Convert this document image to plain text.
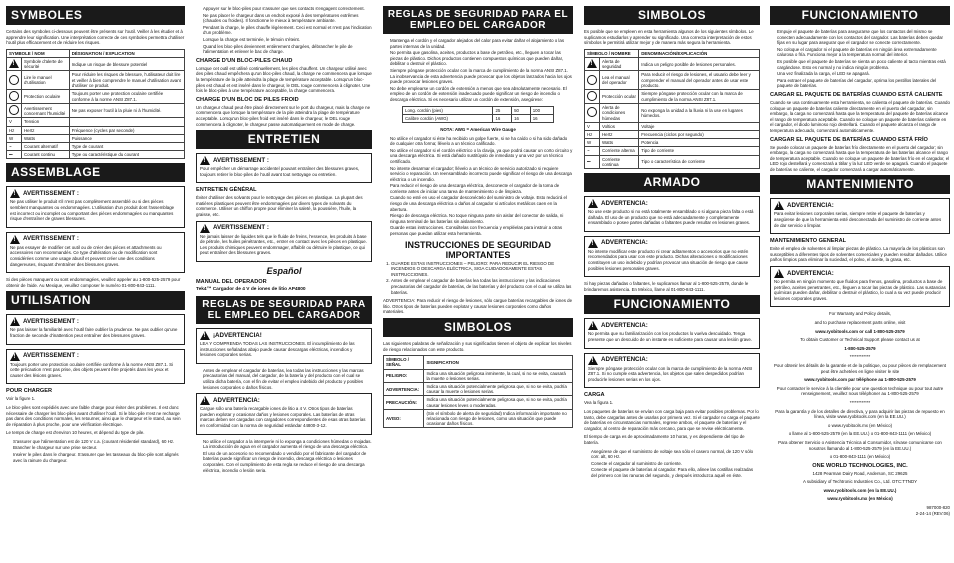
SYMBOLES

Certains des symboles ci-dessous peuvent être présents sur l'outil. Veiller à les étudier et à apprendre leur signification. Une interprétation correcte de ces symboles permettra d'utiliser l'outil plus efficacement et de réduire les risques.

SYMBOLE / NOM		DÉSIGNATION / EXPLICATION
!	Symbole d'alerte de sécurité	Indique un risque de blessure potentiel
	Lire le manuel d'utilisation	Pour réduire les risques de blessure, l'utilisateur doit lire et veiller à bien comprendre le manuel d'utilisation avant d'utiliser ce produit.
	Protection oculaire	Toujours porter une protection oculaire certifiée conforme à la norme ANSI Z87.1.
	Avertissement concernant l'humidité	Ne pas exposer l'outil à la pluie ni à l'humidité.
V	Tension	
Hz	Hertz	Fréquence (cycles par seconde)
W	Watts	Puissance
~	Courant alternatif	Type de courant
⎓	Courant continu	Type ou caractéristique du courant
ASSEMBLAGE
!
AVERTISSEMENT :

Ne pas utiliser le produit s'il n'est pas complètement assemblé ou si des pièces semblent manquantes ou endommagées. L'utilisation d'un produit dont l'assemblage est incorrect ou incomplet ou comportant des pièces endommagées ou manquantes risque d'entraîner de graves blessures.

!
AVERTISSEMENT :

Ne pas essayer de modifier cet outil ou de créer des pièces et attachments ou accessoires non recommandés. Ce type d'altération ou de modification sont considérées comme une usage abusif et peuvent créer une des conditions dangereuses, risquant d'entraîner des blessures graves.

Si des pièces manquent ou sont endommagées, veuillez appeler au 1-800-525-2579 pour obtenir de l'aide. Au Mexique, veuillez composer le numéro 01-800-843-1111.

UTILISATION
!
AVERTISSEMENT :

Ne pas laisser la familiarité avec l'outil faire oublier la prudence. Ne pas oublier qu'une fraction de seconde d'inattention peut entraîner des blessures graves.

!
AVERTISSEMENT :

Toujours porter une protection oculaire certifiée conforme à la norme ANSI Z87.1. Si cette précaution n'est pas prise, des objets peuvent être projetés dans les yeux et causer des lésions graves.

POUR CHARGER

Voir la figure 1.

Le bloc-piles sont expédiés avec une faible charge pour éviter des problèmes. Il est donc nécessaire de charger les bloc-piles avant d'utiliser l'outil. Si le bloc-pile n'est ne recharge pas dans des conditions normales, les retourner, ainsi que le chargeur et le stand, au sein de réparation à plus proche, pour une vérification électrique.

Le temps de charge est d'environ 10 heures, et dépend du type de pile.

• S'assurer que l'alimentation est de 120 V c.a. (courant résidentiel standard), 60 Hz.
• Brancher le chargeur sur une prise secteur.
• Insérer le piles dans le chargeur. S'assurer que les tasseaux du bloc-pile sont alignés avec la rainure du chargeur.
• Appuyer sur le bloc-piles pour s'assurer que ses contacts s'engagent correctement.
• Ne pas placer le chargeur dans un endroit exposé à des températures extrêmes (chaudes ou froides). Il fonctionne le mieux à température ambiante.
• Pendant la charge, le piles chauffe légèrement. Ceci est normal et n'est pas l'indication d'un problème.
• Lorsque la charge est terminée, le témoin s'éteint.
• Quand les bloc-piles deviennent entièrement chargées, débrancher le pile de l'alimentation et enlever le bac de charge.
CHARGE D'UN BLOC-PILES CHAUD

Lorsque cet outil est utilisé continuellement, les piles chauffent. Un chargeur utilisé avec des piles chaud empêchera qu'un bloc-piles chaud, la charge ne commencera que lorsque la température de la pile atteindra la plage de température acceptable. Lorsqu'un bloc-piles est chaud et est inséré dans le chargeur, le DEL rouge commencera à clignoter. Une fois le bloc-piles à une température acceptable, la charge commencera.

CHARGE D'UN BLOC DE PILES FROID

Un chargeur chaud peut être placé directement sur le port du chargeur, mais la charge ne commencera que lorsque la température de la pile atteindra la plage de température acceptable. Lorsqu'un bloc-piles froid est inséré dans le chargeur, le DEL rouge commencera à clignoter, le chargeur passe automatiquement en mode de charge.

ENTRETIEN
!
AVERTISSEMENT :

Pour empêcher un démarrage accidentel pouvant entraîner des blessures graves, toujours retirer le bloc-piles de l'outil avant tout nettoyage ou entretien.

ENTRETIEN GÉNÉRAL

Éviter d'utiliser des solvants pour le nettoyage des pièces en plastique. La plupart des matières plastiques peuvent être endommagées par divers types de solvants du commerce. Utiliser un chiffon propre pour éliminer la saleté, la poussière, l'huile, la graisse, etc.

!
AVERTISSEMENT :

Ne jamais laisser de liquides tels que le fluide de freins, l'essence, les produits à base de pétrole, les huiles pénétrantes, etc., entrer en contact avec les pièces en plastique. Les produits chimiques peuvent endommager, affaiblir ou détruire le plastique, ce qui peut entraîner des blessures graves.

Español
MANUAL DEL OPERADOR

Tek4™ Cargador de 4 V de iones de litio AP4800

REGLAS DE SEGURIDAD PARA EL EMPLEO DEL CARGADOR
!
¡ADVERTENCIA!

LEA Y COMPRENDA TODAS LAS INSTRUCCIONES. El incumplimiento de las instrucciones señaladas abajo puede causar descargas eléctricas, incendios y lesiones corporales serias.

• Antes de emplear el cargador de baterías, lea todas las instrucciones y las marcas precautorias del manual, del cargador, de la batería y del producto con el cual se utiliza dicha batería, con el fin de evitar el empleo indebido del producto y posibles lesiones corporales o daños físicos.
!
ADVERTENCIA:

Cargue sólo una batería recargable iones de litio a 4 V. Otros tipos de baterías pueden explotar y ocasionar daños y lesiones corporales. Las baterías de otras marcas deben ser cargadas con cargadores correspondientes de esas otras baterías en conformidad con la norma de seguridad estándar 44800-3-12.

• No utilice el cargador a la intemperie ni lo exponga a condiciones húmedas o mojadas. La introducción de agua en el cargador aumenta el riesgo de una descarga eléctrica.
• El uso de un accesorio no recomendado o vendido por el fabricante del cargador de baterías puede significar un riesgo de incendio, descarga eléctrica o lesiones corporales. Con el cumplimiento de esta regla se reduce el riesgo de una descarga eléctrica, incendio o lesión seria.
REGLAS DE SEGURIDAD PARA EL EMPLEO DEL CARGADOR
• Mantenga el cordón y el cargador alejados del calor para evitar dañar el alojamiento o las partes internas de la unidad.
• No permita que gasolina, aceites, productos a base de petróleo, etc., lleguen a tocar las piezas de plástico. Dichos productos contienen compuestos químicos que pueden dañar, debilitar o destruir el plástico.
• Siempre póngase protección ocular con la marca de cumplimiento de la norma ANSI Z87.1. La inobservancia de esta advertencia puede provocar que los objetos lanzados hacia los ojos puede provocar lesiones graves.
• No debe emplearse un cordón de extensión a menos que sea absolutamente necesario. El empleo de un cordón de extensión inadecuado puede significar un riesgo de incendio o descarga eléctrica. Si es necesario utilizar un cordón de extensión, asegúrese:
Long. cordón (pies)	25	50	100
Calibre cordón (AWG)	16	16	16

NOTA: AWG = American Wire Gauge

• No utilice el cargador si éste ha recibido un golpe fuerte, si se ha caído o si ha sido dañado de cualquier otra forma; llévelo a un técnico calificado.
• No utilice el cargador si el cordón eléctrico o la clavija, ya que podrá causar un corto circuito y una descarga eléctrica. Si está dañado sustitúyalo de inmediato y una vez por un técnico certificado.
• No intente desarmar el cargador; llévelo a un técnico de servicio autorizado si requiere servicio o reparación. Un reensamblado incorrecto puede significar el riesgo de una descarga eléctrica o un incendio.
• Para reducir el riesgo de una descarga eléctrica, desconecte el cargador de la toma de corriente antes de iniciar una tarea de mantenimiento o de limpieza.
• Cuando no esté en uso el cargador desconéctelo del suministro de voltaje. Esto reducirá el riesgo de una descarga eléctrica o daños al cargador si artículos metálicos caen en la abertura.
• Riesgo de descarga eléctrica. No toque ninguna parte sin aislar del conector de salida, ni ninguna terminal de las baterías sin aislamiento.
• Guarde estas instrucciones. Consúltelas con frecuencia y empléelas para instruir a otras personas que puedan utilizar esta herramienta.
INSTRUCCIONES DE SEGURIDAD IMPORTANTES
1. GUARDE ESTAS INSTRUCCIONES – PELIGRO: PARA REDUCIR EL RIESGO DE INCENDIOS O DESCARGA ELÉCTRICA, SIGA CUIDADOSAMENTE ESTAS INSTRUCCIONES.
2. Antes de emplear el cargador de baterías lea todas las instrucciones y las indicaciones precautorias del cargador de baterías, de las baterías y del producto con el cual se utiliza las baterías.

ADVERTENCIA: Para reducir el riesgo de lesiones, sólo cargue baterías recargables de iones de litio. Otros tipos de baterías pueden explotar y causar lesiones corporales como daños materiales.

SIMBOLOS

Las siguientes palabras de señalización y sus significados tienen el objeto de explicar los niveles de riesgo relacionados con este producto.

SÍMBOLO / SEÑAL	SIGNIFICATION
PELIGRO:	Indica una situación peligrosa inminente, la cual, si no se evita, causará la muerte o lesiones serias.
ADVERTENCIA:	Indica una situación potencialmente peligrosa que, si no se evita, podría causar la muerte o lesiones serias.
PRECAUCIÓN:	Indica una situación potencialmente peligrosa que, si no se evita, podría causar lesiones leves o moderadas.
AVISO:	(Sin el símbolo de alerta de seguridad) Indica información importante no relacionada con riesgo de lesiones, como una situación que puede ocasionar daños físicos.
SIMBOLOS

Es posible que se empleen en esta herramienta algunos de los siguientes símbolos. Le suplicamos estudiarlos y aprender su significado. Una correcta interpretación de estos símbolos le permitirá utilizar mejor y de manera más segura la herramienta.

SÍMBOLO / NOMBRE		DENOMINACIÓN/EXPLICACIÓN
!	Alerta de seguridad	Indica un peligro posible de lesiones personales.
	Lea el manual del operador	Para reducir el riesgo de lesiones, el usuario debe leer y comprender el manual del operador antes de usar este producto.
	Protección ocular	Siempre póngase protección ocular con la marca de cumplimiento de la norma ANSI Z87.1.
	Alerta de condiciones húmedas	No exponga la unidad a la lluvia ni la use en lugares húmedos.
V	Voltios	Voltaje
Hz	Hertz	Frecuencia (ciclos por segundo)
W	Watts	Potencia
~	Corriente alterna	Tipo de corriente
⎓	Corriente continua	Tipo o característica de corriente
ARMADO
!
ADVERTENCIA:

No use este producto si no está totalmente ensamblado o si alguna pieza falta o está dañada. El uso de un producto que no está adecuadamente y completamente ensamblado o posee partes dañadas o faltantes puede resultar en lesiones graves.

!
ADVERTENCIA:

No intente modificar este producto ni crear aditamentos o accesorios que no estén recomendados para usar con este producto. Dichas alteraciones o modificaciones constituyen un uso indebido y podrían provocar una situación de riesgo que cause posibles lesiones personales graves.

Si hay piezas dañadas o faltantes, le suplicamos llamar al 1-800-525-2579, donde le brindaremos asistencia. En México, llame al 01-800-843-1111.

FUNCIONAMIENTO
!
ADVERTENCIA:

No permita que su familiarización con los productos lo vuelva descuidado. Tenga presente que un descuido de un instante es suficiente para causar una lesión grave.

!
ADVERTENCIA:

Siempre póngase protección ocular con la marca de cumplimiento de la norma ANSI Z87.1. Si no cumple esta advertencia, los objetos que salen despedidos podrían producirle lesiones serias en los ojos.

CARGA

Vea la figura 1.

Los paquetes de baterías se envían con carga baja para evitar posibles problemas. Por lo tanto, debe cargarlas antes de usarlas por primera vez. Si el cargador no carga el paquete de baterías en circunstancias normales, regrese ambos, el paquete de baterías y el cargador, al centro de reparación más cercano, para que se revise eléctricamente.

El tiempo de carga es de aproximadamente 10 horas, y es dependiente del tipo de batería.

• Asegúrese de que el suministro de voltaje sea sólo el casero normal, de 120 V sólo corr. alt, 60 Hz.
• Conecte el cargador al suministro de corriente.
• Conecte el paquete de baterías al cargador. Para ello, alinee las costillas realzadas del primero con las ranuras del segundo, y después introduzca aquél en éste.
FUNCIONAMIENTO
• Empuje el paquete de baterías para asegurarse que los contactos del mismo se conecten adecuadamente con los contactos del cargador. Las baterías deben quedar fijas en su lugar para asegurar que el cargador se conecte correctamente.
• No coloque el cargador ni el paquete de baterías en ningún área extremadamente calurosa o fría. Funciona mejor a la temperatura normal del interior.
• Es posible que el paquete de baterías se sienta un poco caliente al tacto mientras está cargándose. Esto es normal y no indica ningún problema.
• Una vez finalizada la carga, el LED se apagará.
• Para extraer el paquete de baterías del cargador, oprima los pestillos laterales del paquete de baterías.
CARGAR EL PAQUETE DE BATERÍAS CUANDO ESTÁ CALIENTE

Cuando se usa continuamente esta herramienta, se calienta el paquete de baterías. Cuando coloque un paquete de baterías caliente directamente en el puerto del cargador, sin embargo, la carga no comenzará hasta que la temperatura del paquete de baterías alcance el rango de temperatura aceptable. Cuando se coloque un paquete de baterías caliente en el cargador, el diodo luminoso rojo destellará. Cuando el paquete alcanza el rango de temperatura adecuado, comenzará automáticamente.

CARGAR EL PAQUETE DE BATERÍAS CUANDO ESTÁ FRÍO

Se puede colocar un paquete de baterías frío directamente en el puerto del cargador; sin embargo, la carga no comenzará hasta que la temperatura de las baterías alcance el rango de temperatura aceptable. Cuando se coloque un paquete de baterías frío en el cargador, el LED rojo destellará y comenzará a titilar y la luz LED verde se apagará. Cuando el paquete de baterías se caliente, el cargador comenzará a cargar automáticamente.

MANTENIMIENTO
!
ADVERTENCIA:

Para evitar lesiones corporales serias, siempre retire el paquete de baterías y asegúrese de que la herramienta esté desconectada del suministro de corriente antes de dar servicio o limpiar.

MANTENIMIENTO GENERAL

Evite el empleo de solventes al limpiar piezas de plástico. La mayoría de los plásticos son susceptibles a diferentes tipos de solventes comerciales y pueden resultar dañados. Utilice paños limpios para eliminar la suciedad, el polvo, el aceite, la grasa, etc.

!
ADVERTENCIA:

No permita en ningún momento que fluidos para frenos, gasolina, productos a base de petróleo, aceites penetrantes, etc., lleguen a tocar las piezas de plástico. Las sustancias químicas pueden dañar, debilitar o destruir el plástico, lo cual a su vez puede producir lesiones corporales graves.

For Warranty and Policy details,

and to purchase replacement parts online, visit

www.ryobitools.com or call 1-800-525-2579

To obtain Customer or Technical Support please contact us at

1-800-525-2579

************

Pour obtenir les détails de la garantie et de la politique, ou pour pièces de remplacement peut être achetées en ligne visiter le site

www.ryobitools.com par téléphone au 1-800-525-2579

Pour contacter le service à la clientèle pour une question technique ou pour tout autre renseignement, veuillez nous téléphoner au 1-800-525-2579

************

Para la garantía y de los detalles de directiva, y para adquirir las piezas de repuesto en línea, visite www.ryobitools.com (en la EE.UU.)

o www.ryobitools.mx (en México)

o llame al 1-800-525-2579 (en la EE.UU.) o 01-800-843-1111 (en México)

Para obtener Servicio o Asistencia Técnica al Consumidor, sírvase comunicarse con nosotros llamando al 1-800-525-2579 (en la EE.UU.)

o 01-800-843-1111 (en México)

ONE WORLD TECHNOLOGIES, INC.

1428 Pearman Dairy Road, Anderson, SC 29625

A subsidiary of Techtronic Industries Co., Ltd. OTC:TTNDY

www.ryobitools.com (en la EE.UU.)

www.ryobitools.mx (en México)

987000-820
2-24-14 (REV:06)
